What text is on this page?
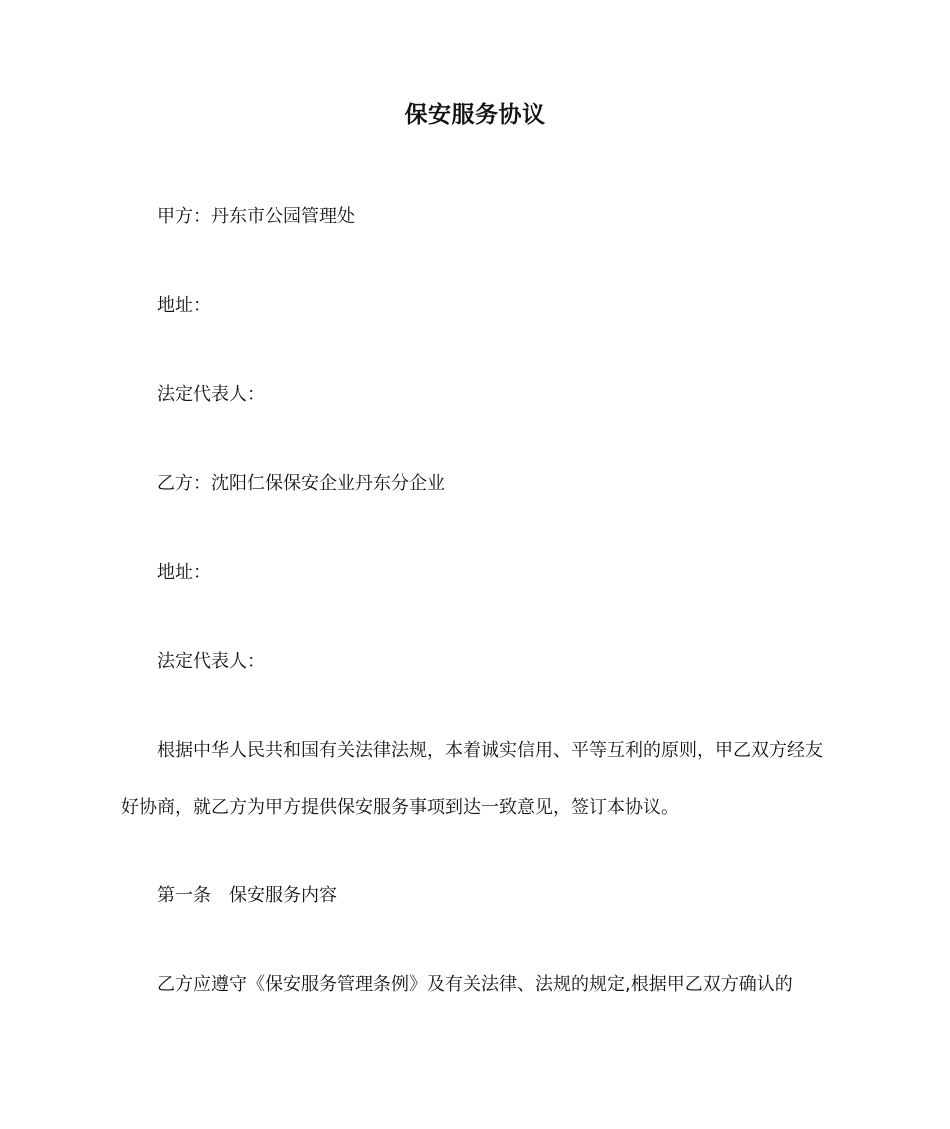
保安服务协议
甲方：丹东市公园管理处
地址：
法定代表人：
乙方：沈阳仁保保安企业丹东分企业
地址：
法定代表人：
根据中华人民共和国有关法律法规，本着诚实信用、平等互利的原则，甲乙双方经友
好协商，就乙方为甲方提供保安服务事项到达一致意见，签订本协议。
第一条 保安服务内容
乙方应遵守《保安服务管理条例》及有关法律、法规的规定,根据甲乙双方确认的
